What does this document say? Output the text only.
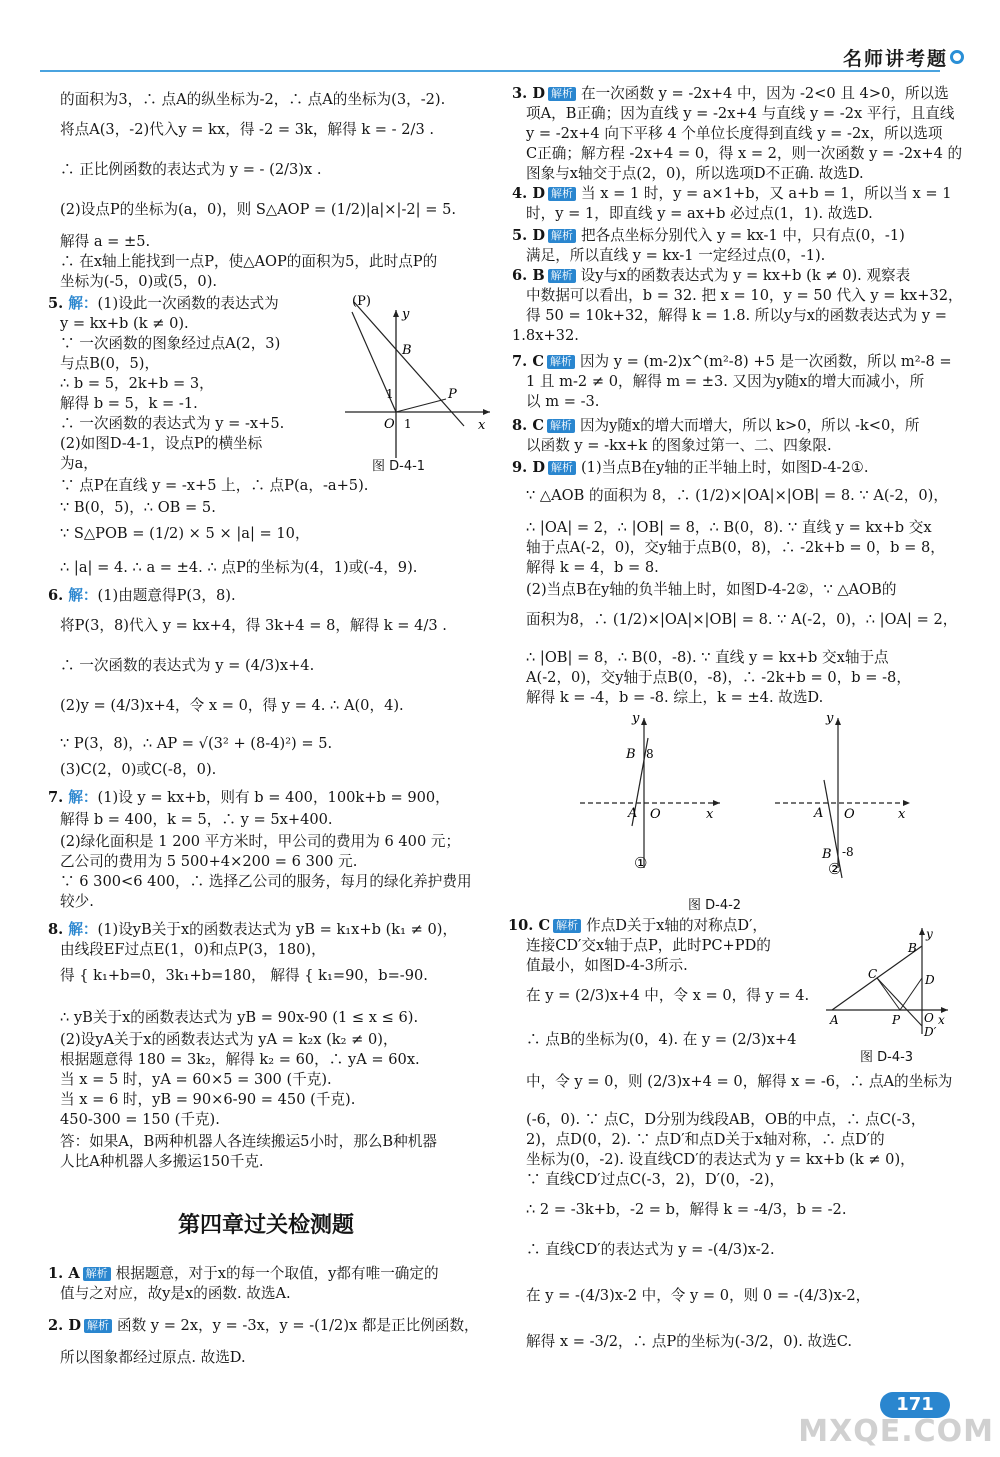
名师讲考题
的面积为3，∴ 点A的纵坐标为-2，∴ 点A的坐标为(3，-2).
将点A(3，-2)代入y = kx，得 -2 = 3k，解得 k = - 2/3 .
∴ 正比例函数的表达式为 y = - (2/3)x .
(2)设点P的坐标为(a，0)，则 S△AOP = (1/2)|a|×|-2| = 5.
解得 a = ±5.
∴ 在x轴上能找到一点P，使△AOP的面积为5，此时点P的
坐标为(-5，0)或(5，0).
5. 解：(1)设此一次函数的表达式为
y = kx+b (k ≠ 0).
∵ 一次函数的图象经过点A(2，3)
与点B(0，5)，
∴ b = 5，2k+b = 3，
解得 b = 5，k = -1.
∴ 一次函数的表达式为 y = -x+5.
(2)如图D-4-1，设点P的横坐标
为a，
∵ 点P在直线 y = -x+5 上，∴ 点P(a，-a+5).
∵ B(0，5)，∴ OB = 5.
∵ S△POB = (1/2) × 5 × |a| = 10，
∴ |a| = 4. ∴ a = ±4. ∴ 点P的坐标为(4，1)或(-4，9).
6. 解：(1)由题意得P(3，8).
将P(3，8)代入 y = kx+4，得 3k+4 = 8，解得 k = 4/3 .
∴ 一次函数的表达式为 y = (4/3)x+4.
(2)y = (4/3)x+4，令 x = 0，得 y = 4. ∴ A(0，4).
∵ P(3，8)，∴ AP = √(3² + (8-4)²) = 5.
(3)C(2，0)或C(-8，0).
7. 解：(1)设 y = kx+b，则有 b = 400，100k+b = 900，
解得 b = 400，k = 5，∴ y = 5x+400.
(2)绿化面积是 1 200 平方米时，甲公司的费用为 6 400 元；
乙公司的费用为 5 500+4×200 = 6 300 元.
∵ 6 300<6 400，∴ 选择乙公司的服务，每月的绿化养护费用
较少.
8. 解：(1)设yB关于x的函数表达式为 yB = k₁x+b (k₁ ≠ 0)，
由线段EF过点E(1，0)和点P(3，180)，
得 { k₁+b=0，3k₁+b=180， 解得 { k₁=90，b=-90.
∴ yB关于x的函数表达式为 yB = 90x-90 (1 ≤ x ≤ 6).
(2)设yA关于x的函数表达式为 yA = k₂x (k₂ ≠ 0)，
根据题意得 180 = 3k₂，解得 k₂ = 60，∴ yA = 60x.
当 x = 5 时，yA = 60×5 = 300 (千克).
当 x = 6 时，yB = 90×6-90 = 450 (千克).
450-300 = 150 (千克).
答：如果A，B两种机器人各连续搬运5小时，那么B种机器
人比A种机器人多搬运150千克.
(P)
y
B
P
O 1	x
1
图 D-4-1
第四章过关检测题
1. A 解析 根据题意，对于x的每一个取值，y都有唯一确定的
值与之对应，故y是x的函数. 故选A.
2. D 解析 函数 y = 2x，y = -3x，y = -(1/2)x 都是正比例函数，
所以图象都经过原点. 故选D.
3. D 解析 在一次函数 y = -2x+4 中，因为 -2<0 且 4>0，所以选
项A，B正确；因为直线 y = -2x+4 与直线 y = -2x 平行，且直线
y = -2x+4 向下平移 4 个单位长度得到直线 y = -2x，所以选项
C正确；解方程 -2x+4 = 0，得 x = 2，则一次函数 y = -2x+4 的
图象与x轴交于点(2，0)，所以选项D不正确. 故选D.
4. D 解析 当 x = 1 时，y = a×1+b，又 a+b = 1，所以当 x = 1
时，y = 1，即直线 y = ax+b 必过点(1，1). 故选D.
5. D 解析 把各点坐标分别代入 y = kx-1 中，只有点(0，-1)
满足，所以直线 y = kx-1 一定经过点(0，-1).
6. B 解析 设y与x的函数表达式为 y = kx+b (k ≠ 0). 观察表
中数据可以看出，b = 32. 把 x = 10，y = 50 代入 y = kx+32，
得 50 = 10k+32，解得 k = 1.8. 所以y与x的函数表达式为 y =
1.8x+32.
7. C 解析 因为 y = (m-2)x^(m²-8) +5 是一次函数，所以 m²-8 =
1 且 m-2 ≠ 0，解得 m = ±3. 又因为y随x的增大而减小，所
以 m = -3.
8. C 解析 因为y随x的增大而增大，所以 k>0，所以 -k<0，所
以函数 y = -kx+k 的图象过第一、二、四象限.
9. D 解析 (1)当点B在y轴的正半轴上时，如图D-4-2①.
∵ △AOB 的面积为 8，∴ (1/2)×|OA|×|OB| = 8. ∵ A(-2，0)，
∴ |OA| = 2，∴ |OB| = 8，∴ B(0，8). ∵ 直线 y = kx+b 交x
轴于点A(-2，0)，交y轴于点B(0，8)，∴ -2k+b = 0，b = 8，
解得 k = 4，b = 8.
(2)当点B在y轴的负半轴上时，如图D-4-2②，∵ △AOB的
面积为8，∴ (1/2)×|OA|×|OB| = 8. ∵ A(-2，0)，∴ |OA| = 2，
∴ |OB| = 8，∴ B(0，-8). ∵ 直线 y = kx+b 交x轴于点
A(-2，0)，交y轴于点B(0，-8)，∴ -2k+b = 0，b = -8，
解得 k = -4，b = -8. 综上，k = ±4. 故选D.
10. C 解析 作点D关于x轴的对称点D′，
连接CD′交x轴于点P，此时PC+PD的
值最小，如图D-4-3所示.
在 y = (2/3)x+4 中，令 x = 0，得 y = 4.
∴ 点B的坐标为(0，4). 在 y = (2/3)x+4
中，令 y = 0，则 (2/3)x+4 = 0，解得 x = -6，∴ 点A的坐标为
(-6，0). ∵ 点C，D分别为线段AB，OB的中点，∴ 点C(-3，
2)，点D(0，2). ∵ 点D′和点D关于x轴对称，∴ 点D′的
坐标为(0，-2). 设直线CD′的表达式为 y = kx+b (k ≠ 0)，
∵ 直线CD′过点C(-3，2)，D′(0，-2)，
∴ 2 = -3k+b，-2 = b，解得 k = -4/3，b = -2.
∴ 直线CD′的表达式为 y = -(4/3)x-2.
在 y = -(4/3)x-2 中，令 y = 0，则 0 = -(4/3)x-2，
解得 x = -3/2，∴ 点P的坐标为(-3/2，0). 故选C.
y
B 8
A O	x
①
y
A O	x
B -8
②
图 D-4-2
y
B
C	D
A	P O x
D′
图 D-4-3
171
MXQE.COM
